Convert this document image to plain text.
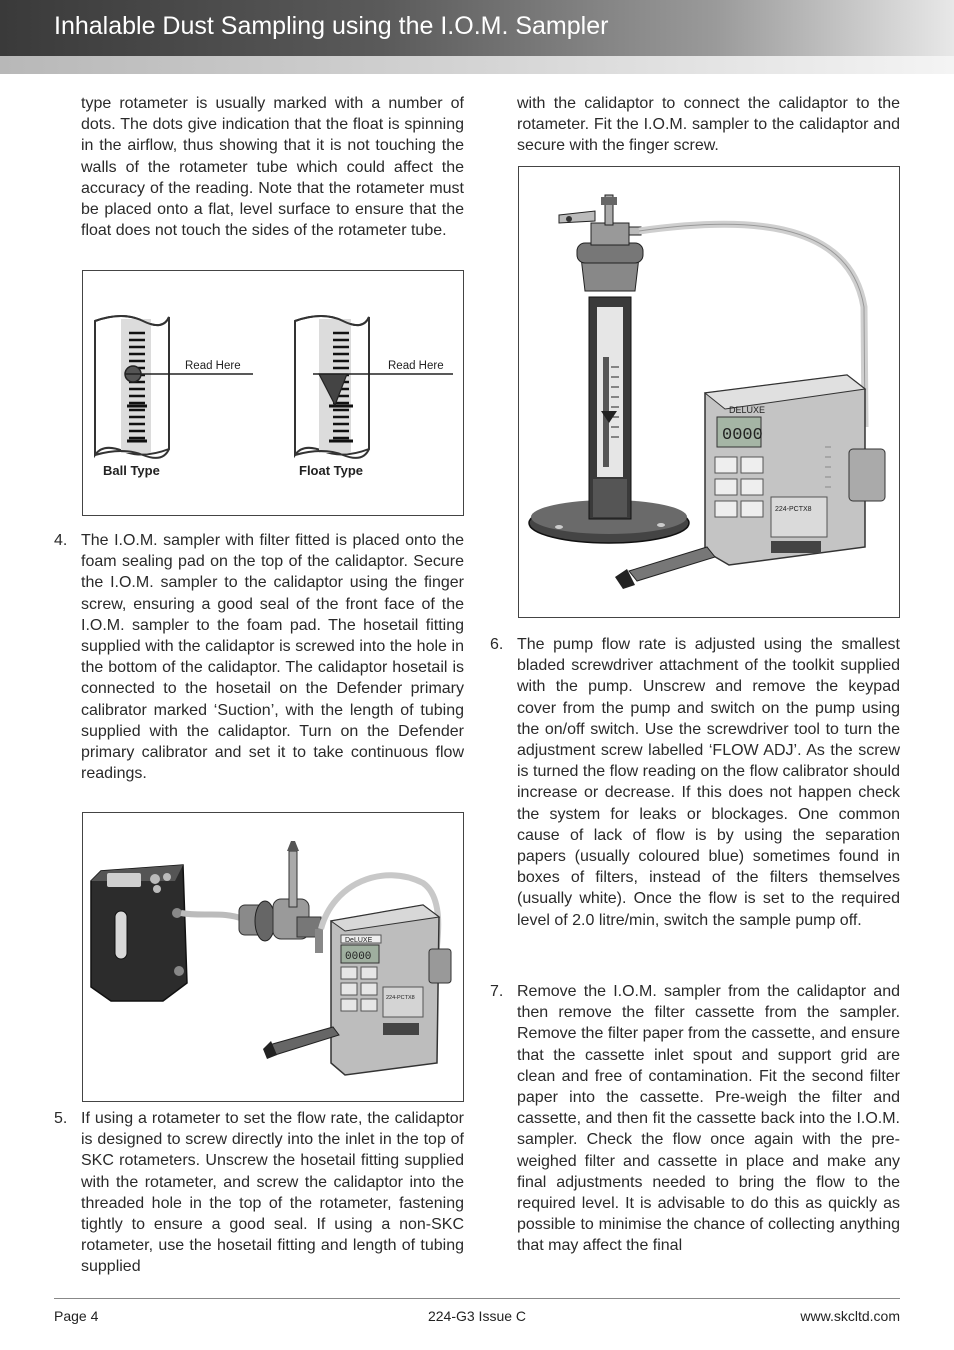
Inhalable Dust Sampling using the I.O.M. Sampler

type rotameter is usually marked with a number of dots. The dots give indication that the float is spinning in the airflow, thus showing that it is not touching the walls of the rotameter tube which could affect the accuracy of the reading. Note that the rotameter must be placed onto a flat, level surface to ensure that the float does not touch the sides of the rotameter tube.

Read Here
Ball Type
Read Here
Float Type
4. The I.O.M. sampler with filter fitted is placed onto the foam sealing pad on the top of the calidaptor. Secure the I.O.M. sampler to the calidaptor using the finger screw, ensuring a good seal of the front face of the I.O.M. sampler to the foam pad. The hosetail fitting supplied with the calidaptor is screwed into the hole in the bottom of the calidaptor. The calidaptor hosetail is connected to the hosetail on the Defender primary calibrator marked ‘Suction’, with the length of tubing supplied with the calidaptor. Turn on the Defender primary calibrator and set it to take continuous flow readings.

DeLUXE
0000
224-PCTX8
5. If using a rotameter to set the flow rate, the calidaptor is designed to screw directly into the inlet in the top of SKC rotameters. Unscrew the hosetail fitting supplied with the rotameter, and screw the calidaptor into the threaded hole in the top of the rotameter, fastening tightly to ensure a good seal. If using a non-SKC rotameter, use the hosetail fitting and length of tubing supplied

with the calidaptor to connect the calidaptor to the rotameter. Fit the I.O.M. sampler to the calidaptor and secure with the finger screw.

DELUXE
0000
224-PCTX8
6. The pump flow rate is adjusted using the smallest bladed screwdriver attachment of the toolkit supplied with the pump. Unscrew and remove the keypad cover from the pump and switch on the pump using the on/off switch. Use the screwdriver tool to turn the adjustment screw labelled ‘FLOW ADJ’. As the screw is turned the flow reading on the flow calibrator should increase or decrease. If this does not happen check the system for leaks or blockages. One common cause of lack of flow is by using the separation papers (usually coloured blue) sometimes found in boxes of filters, instead of the filters themselves (usually white). Once the flow is set to the required level of 2.0 litre/min, switch the sample pump off.

7. Remove the I.O.M. sampler from the calidaptor and then remove the filter cassette from the sampler. Remove the filter paper from the cassette, and ensure that the cassette inlet spout and support grid are clean and free of contamination. Fit the second filter paper into the cassette. Pre-weigh the filter and cassette, and then fit the cassette back into the I.O.M. sampler. Check the flow once again with the pre-weighed filter and cassette in place and make any final adjustments needed to bring the flow to the required level. It is advisable to do this as quickly as possible to minimise the chance of collecting anything that may affect the final

Page 4	224-G3 Issue C	www.skcltd.com
